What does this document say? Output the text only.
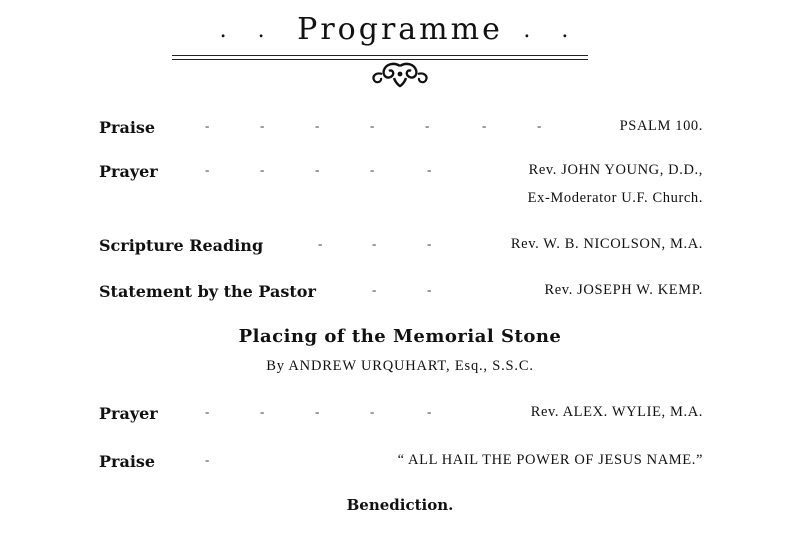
. . Programme . .
Praise	-	-	-	-	-	-	-	PSALM 100.
Prayer	-	-	-	-	-	Rev. JOHN YOUNG, D.D.,
Ex-Moderator U.F. Church.
Scripture Reading	-	-	-	Rev. W. B. NICOLSON, M.A.
Statement by the Pastor	-	-	Rev. JOSEPH W. KEMP.
Placing of the Memorial Stone
By ANDREW URQUHART, Esq., S.S.C.
Prayer	-	-	-	-	-	Rev. ALEX. WYLIE, M.A.
Praise	-	“ ALL HAIL THE POWER OF JESUS NAME.”
Benediction.
